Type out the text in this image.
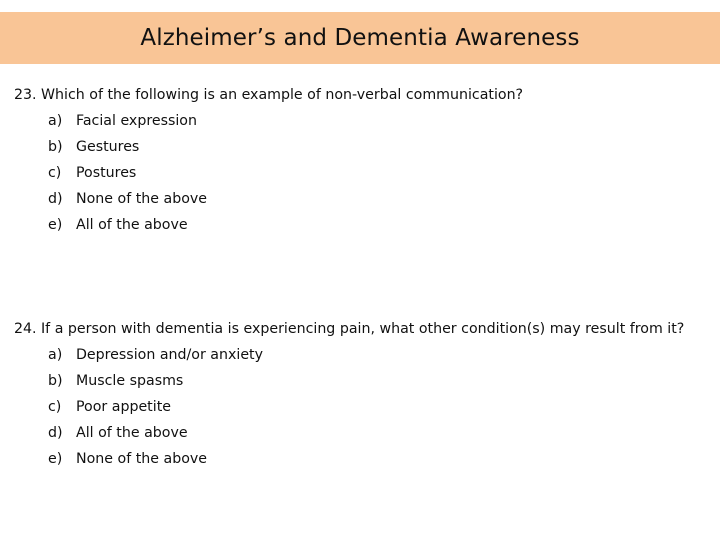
Alzheimer’s and Dementia Awareness
23. Which of the following is an example of non-verbal communication?
a) Facial expression
b) Gestures
c)	Postures
d) None of the above
e) All of the above
24. If a person with dementia is experiencing pain, what other condition(s) may result from it?
a) Depression and/or anxiety
b) Muscle spasms
c)	Poor appetite
d) All of the above
e) None of the above
